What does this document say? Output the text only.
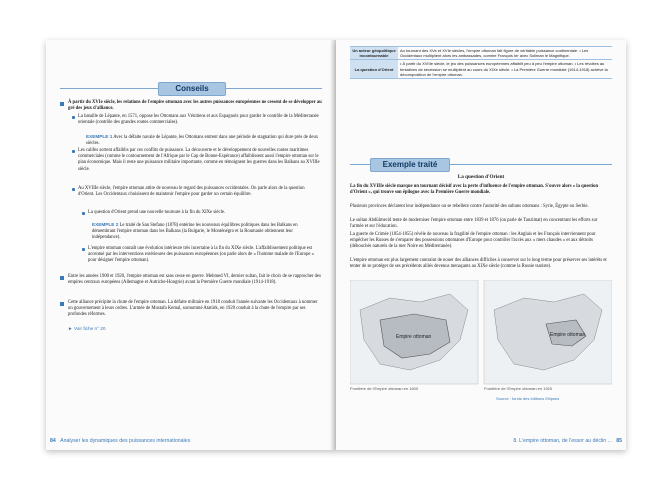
Conseils

À partir du XVIe siècle, les relations de l'empire ottoman avec les autres puissances européennes ne cessent de se développer au gré des jeux d'alliance.

La bataille de Lépante, en 1571, oppose les Ottomans aux Vénitiens et aux Espagnols pour garder le contrôle de la Méditerranée orientale (contrôle des grandes routes commerciales).

EXEMPLE 1 Avec la défaite navale de Lépante, les Ottomans entrent dans une période de stagnation qui dure près de deux siècles.

Les califes sortent affaiblis par ces conflits de puissance. La découverte et le développement de nouvelles routes maritimes commerciales (comme le contournement de l'Afrique par le Cap de Bonne-Espérance) affaiblissent aussi l'empire ottoman sur le plan économique. Mais il reste une puissance militaire importante, comme en témoignent les guerres dans les Balkans au XVIIIe siècle.

Au XVIIIe siècle, l'empire ottoman attire de nouveau le regard des puissances occidentales. On parle alors de la question d'Orient. Les Occidentaux choisissent de maintenir l'empire pour garder un certain équilibre.

La question d'Orient prend une nouvelle tournure à la fin du XIXe siècle.

EXEMPLE 2 Le traité de San Stefano (1878) entérine les nouveaux équilibres politiques dans les Balkans en démembrant l'empire ottoman dans les Balkans (la Bulgarie, le Monténégro et la Roumanie obtiennent leur indépendance).

L'empire ottoman connaît une évolution intérieure très incertaine à la fin du XIXe siècle. L'affaiblissement politique est accentué par les interventions extérieures des puissances européennes (on parle alors de « l'homme malade de l'Europe » pour désigner l'empire ottoman).

Entre les années 1900 et 1920, l'empire ottoman est sans cesse en guerre. Mehmed VI, dernier sultan, fait le choix de se rapprocher des empires centraux européens (Allemagne et Autriche-Hongrie) avant la Première Guerre mondiale (1914-1918).

Cette alliance précipite la chute de l'empire ottoman. La défaite militaire en 1918 conduit l'année suivante les Occidentaux à nommer un gouvernement à leurs ordres. L'armée de Mustafa Kemal, surnommé Atatürk, en 1920 conduit à la chute de l'empire par ses profondes réformes.

► Voir fiche n° 20

84 Analyser les dynamiques des puissances internationales
Un acteur géopolitique incontournable	Au tournant des XVe et XVIe siècles, l'empire ottoman fait figure de véritable puissance continentale. • Les Occidentaux multiplient alors les ambassades, comme François Ier avec Soliman le Magnifique.
La question d'Orient	• À partir du XVIIIe siècle, le jeu des puissances européennes affaiblit peu à peu l'empire ottoman. • Les révoltes au tentatives de sécession se multiplient au cours du XIXe siècle. • La Première Guerre mondiale (1914-1918) achève la décomposition de l'empire ottoman.
Exemple traité

La question d'Orient

La fin du XVIIIe siècle marque un tournant décisif avec la perte d'influence de l'empire ottoman. S'ouvre alors « la question d'Orient », qui trouve son épilogue avec la Première Guerre mondiale.

Plusieurs provinces déclarent leur indépendance ou se rebellent contre l'autorité des sultans ottomans : Syrie, Égypte ou Serbie.

Le sultan Abdülmecid tente de moderniser l'empire ottoman entre 1839 et 1876 (on parle de Tanzimat) en concentrant les efforts sur l'armée et sur l'éducation.

La guerre de Crimée (1854-1855) révèle de nouveau la fragilité de l'empire ottoman : les Anglais et les Français interviennent pour empêcher les Russes de s'emparer des possessions ottomanes d'Europe pour contrôler l'accès aux « mers chaudes » et aux détroits (débouchés naturels de la mer Noire en Méditerranée).

L'empire ottoman est plus largement contraint de nouer des alliances difficiles à conserver sur le long terme pour préserver ses intérêts et tenter de se protéger de ses précédents alliés devenus menaçants au XIXe siècle (comme la Russie tsariste).

Empire ottoman	Empire ottoman
Frontière de l'Empire ottoman en 1600	Frontière de l'Empire ottoman en 1920
Source : fonds des éditions Ellipses
8. L'empire ottoman, de l'essor au déclin ... 85
